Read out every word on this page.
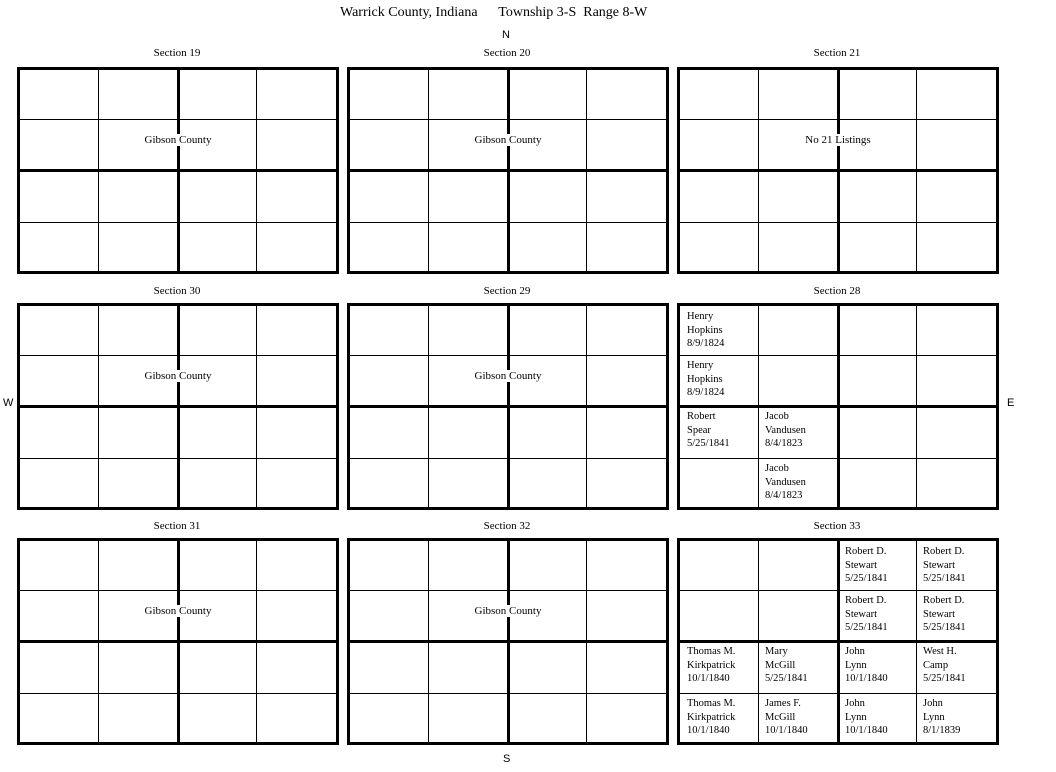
Warrick County, Indiana      Township 3-S  Range 8-W
N
S
W	E
Section 19
Gibson County
Section 20
Gibson County
Section 21
No 21 Listings
Section 30
Gibson County
Section 29
Gibson County
Section 28
Henry
Hopkins
8/9/1824
Henry
Hopkins
8/9/1824
Robert
Spear
5/25/1841
Jacob
Vandusen
8/4/1823
Jacob
Vandusen
8/4/1823
Section 31
Gibson County
Section 32
Gibson County
Section 33
Robert D.
Stewart
5/25/1841
Robert D.
Stewart
5/25/1841
Robert D.
Stewart
5/25/1841
Robert D.
Stewart
5/25/1841
Thomas M.
Kirkpatrick
10/1/1840
Mary
McGill
5/25/1841
John
Lynn
10/1/1840
West H.
Camp
5/25/1841
Thomas M.
Kirkpatrick
10/1/1840
James F.
McGill
10/1/1840
John
Lynn
10/1/1840
John
Lynn
8/1/1839
